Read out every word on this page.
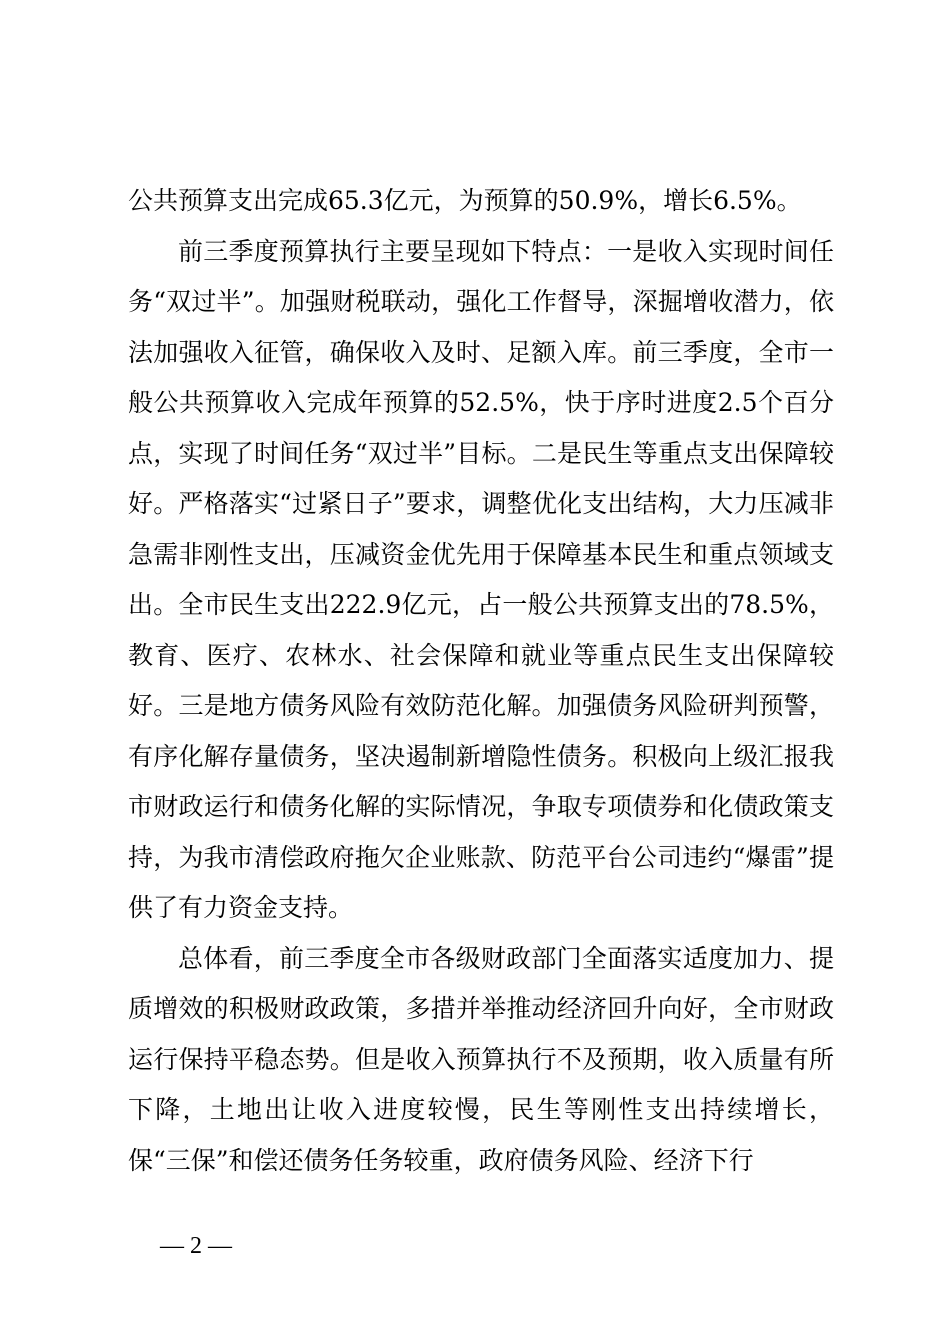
公共预算支出完成65.3亿元，为预算的50.9%，增长6.5%。

前三季度预算执行主要呈现如下特点：一是收入实现时间任务“双过半”。加强财税联动，强化工作督导，深掘增收潜力，依法加强收入征管，确保收入及时、足额入库。前三季度，全市一般公共预算收入完成年预算的52.5%，快于序时进度2.5个百分点，实现了时间任务“双过半”目标。二是民生等重点支出保障较好。严格落实“过紧日子”要求，调整优化支出结构，大力压减非急需非刚性支出，压减资金优先用于保障基本民生和重点领域支出。全市民生支出222.9亿元，占一般公共预算支出的78.5%，教育、医疗、农林水、社会保障和就业等重点民生支出保障较好。三是地方债务风险有效防范化解。加强债务风险研判预警，有序化解存量债务，坚决遏制新增隐性债务。积极向上级汇报我市财政运行和债务化解的实际情况，争取专项债券和化债政策支持，为我市清偿政府拖欠企业账款、防范平台公司违约“爆雷”提供了有力资金支持。

总体看，前三季度全市各级财政部门全面落实适度加力、提质增效的积极财政政策，多措并举推动经济回升向好，全市财政运行保持平稳态势。但是收入预算执行不及预期，收入质量有所下降，土地出让收入进度较慢，民生等刚性支出持续增长，保“三保”和偿还债务任务较重，政府债务风险、经济下行

— 2 —
